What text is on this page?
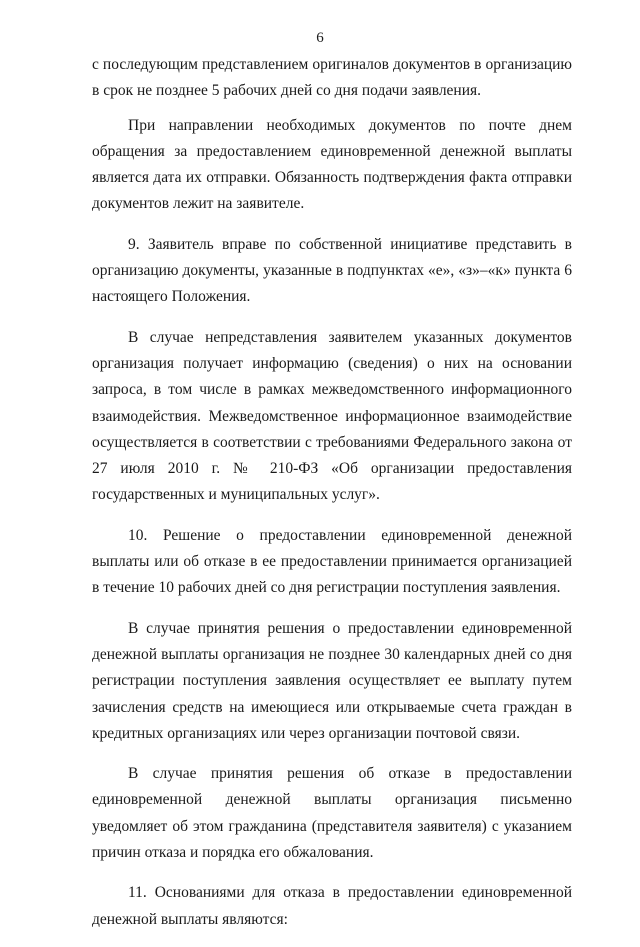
6

с последующим представлением оригиналов документов в организацию в срок не позднее 5 рабочих дней со дня подачи заявления.

При направлении необходимых документов по почте днем обращения за предоставлением единовременной денежной выплаты является дата их отправки. Обязанность подтверждения факта отправки документов лежит на заявителе.

9. Заявитель вправе по собственной инициативе представить в организацию документы, указанные в подпунктах «е», «з»–«к» пункта 6 настоящего Положения.

В случае непредставления заявителем указанных документов организация получает информацию (сведения) о них на основании запроса, в том числе в рамках межведомственного информационного взаимодействия. Межведомственное информационное взаимодействие осуществляется в соответствии с требованиями Федерального закона от 27 июля 2010 г. № 210-ФЗ «Об организации предоставления государственных и муниципальных услуг».

10. Решение о предоставлении единовременной денежной выплаты или об отказе в ее предоставлении принимается организацией в течение 10 рабочих дней со дня регистрации поступления заявления.

В случае принятия решения о предоставлении единовременной денежной выплаты организация не позднее 30 календарных дней со дня регистрации поступления заявления осуществляет ее выплату путем зачисления средств на имеющиеся или открываемые счета граждан в кредитных организациях или через организации почтовой связи.

В случае принятия решения об отказе в предоставлении единовременной денежной выплаты организация письменно уведомляет об этом гражданина (представителя заявителя) с указанием причин отказа и порядка его обжалования.

11. Основаниями для отказа в предоставлении единовременной денежной выплаты являются:
